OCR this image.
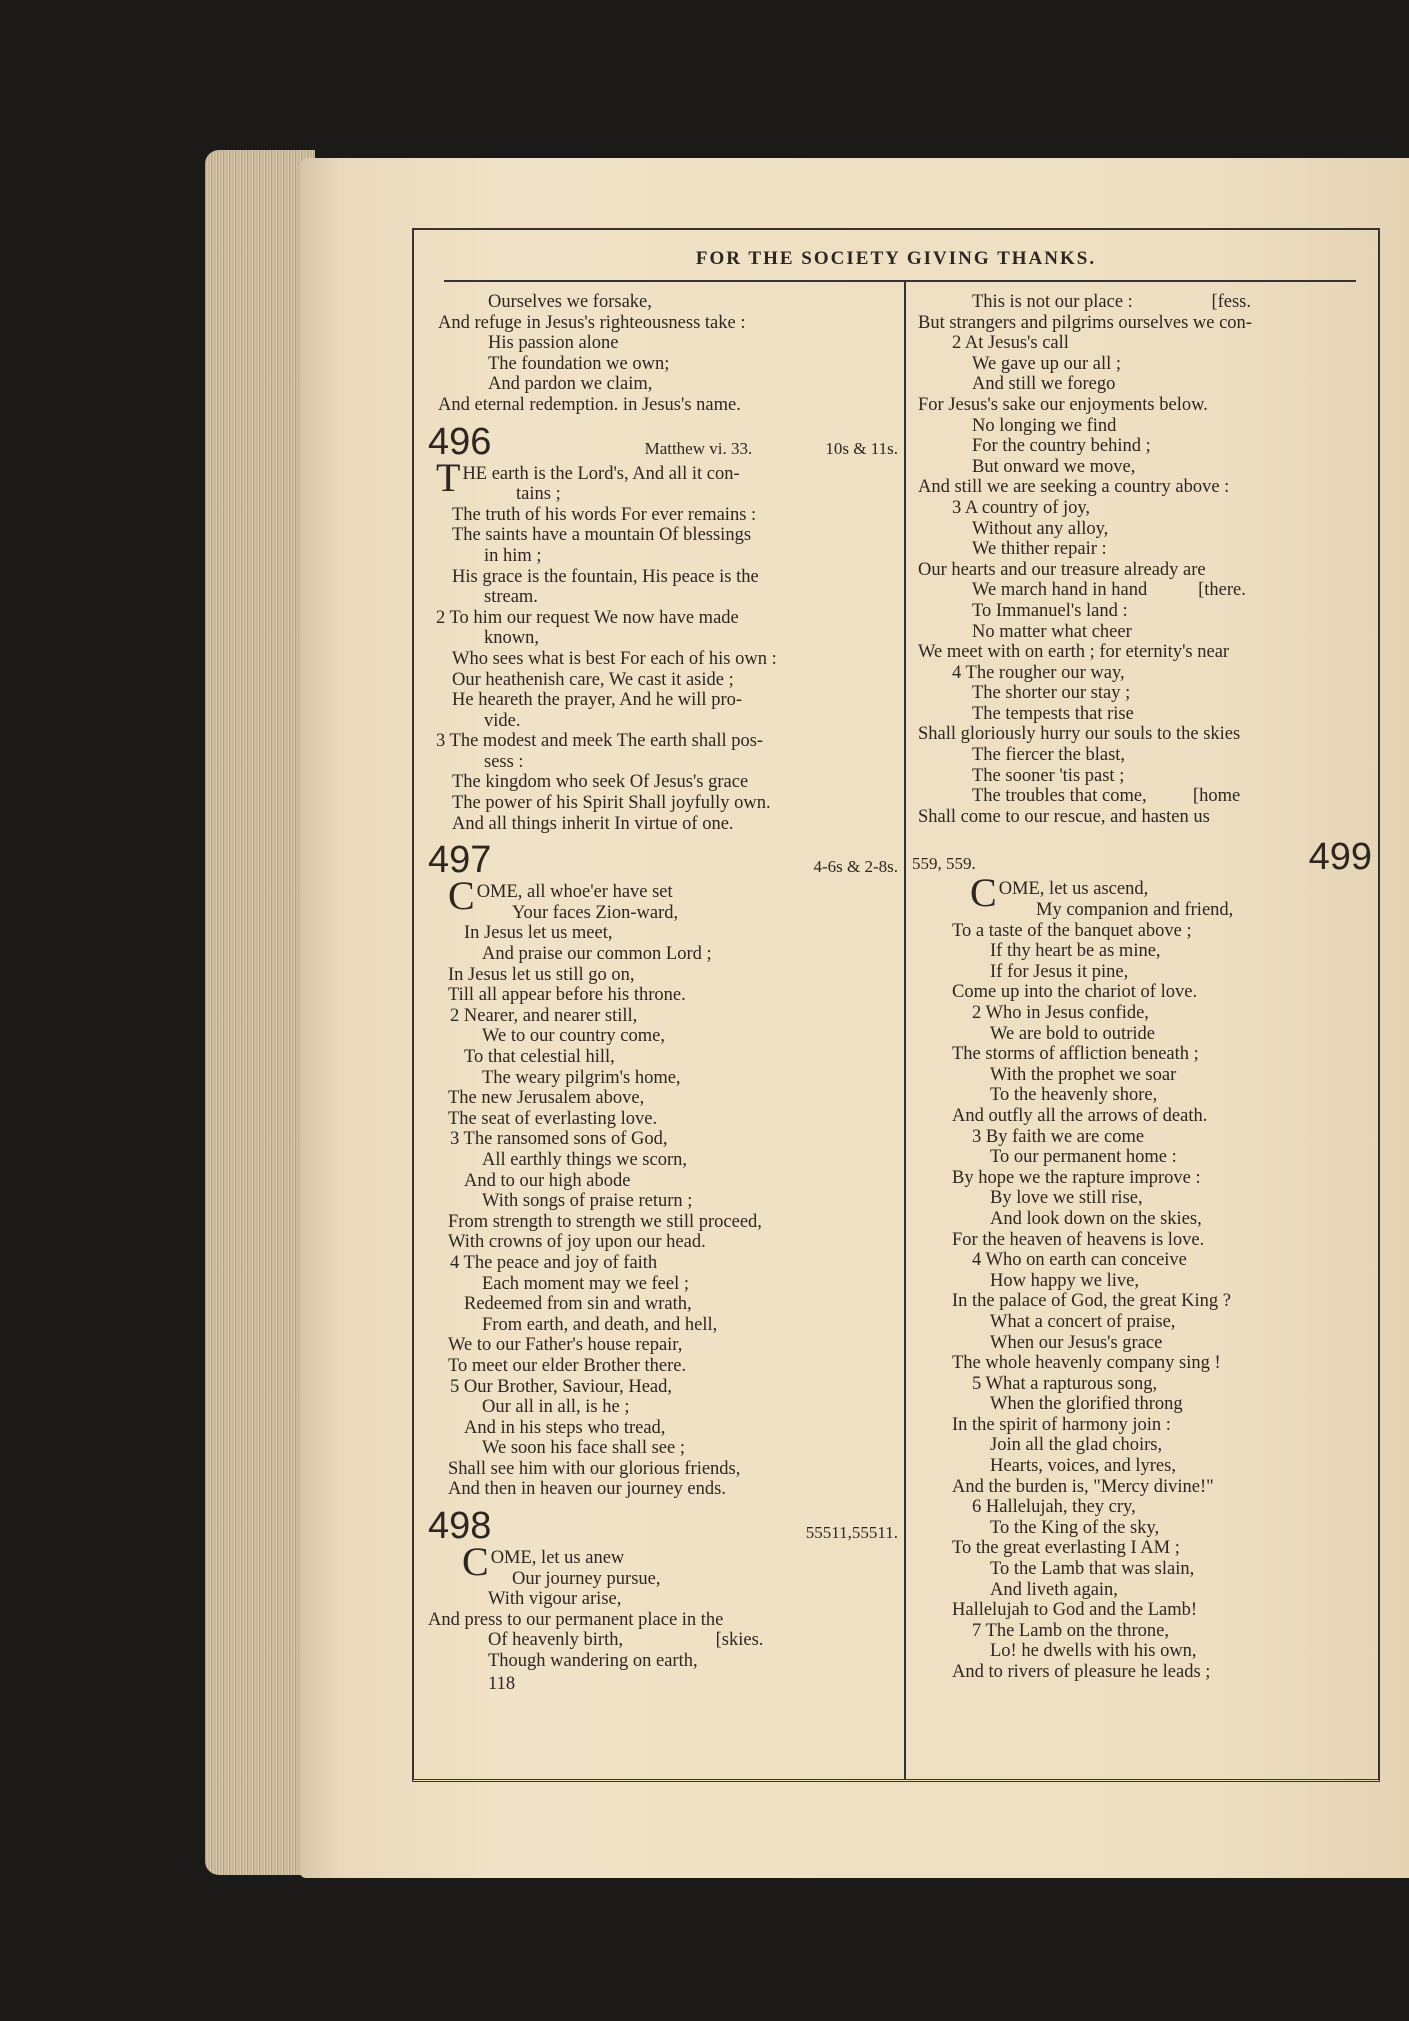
FOR THE SOCIETY GIVING THANKS.
Ourselves we forsake,
And refuge in Jesus's righteousness take :
His passion alone
The foundation we own;
And pardon we claim,
And eternal redemption. in Jesus's name.
496	Matthew vi. 33.	10s & 11s.
THE earth is the Lord's, And all it con-
tains ;
The truth of his words For ever remains :
The saints have a mountain Of blessings
in him ;
His grace is the fountain, His peace is the
stream.
2 To him our request We now have made
known,
Who sees what is best For each of his own :
Our heathenish care, We cast it aside ;
He heareth the prayer, And he will pro-
vide.
3 The modest and meek The earth shall pos-
sess :
The kingdom who seek Of Jesus's grace
The power of his Spirit Shall joyfully own.
And all things inherit In virtue of one.
497	4-6s & 2-8s.
COME, all whoe'er have set
Your faces Zion-ward,
In Jesus let us meet,
And praise our common Lord ;
In Jesus let us still go on,
Till all appear before his throne.
2 Nearer, and nearer still,
We to our country come,
To that celestial hill,
The weary pilgrim's home,
The new Jerusalem above,
The seat of everlasting love.
3 The ransomed sons of God,
All earthly things we scorn,
And to our high abode
With songs of praise return ;
From strength to strength we still proceed,
With crowns of joy upon our head.
4 The peace and joy of faith
Each moment may we feel ;
Redeemed from sin and wrath,
From earth, and death, and hell,
We to our Father's house repair,
To meet our elder Brother there.
5 Our Brother, Saviour, Head,
Our all in all, is he ;
And in his steps who tread,
We soon his face shall see ;
Shall see him with our glorious friends,
And then in heaven our journey ends.
498	55511,55511.
COME, let us anew
Our journey pursue,
With vigour arise,
And press to our permanent place in the
Of heavenly birth,                    [skies.
Though wandering on earth,
118
This is not our place :                 [fess.
But strangers and pilgrims ourselves we con-
2 At Jesus's call
We gave up our all ;
And still we forego
For Jesus's sake our enjoyments below.
No longing we find
For the country behind ;
But onward we move,
And still we are seeking a country above :
3 A country of joy,
Without any alloy,
We thither repair :
Our hearts and our treasure already are
We march hand in hand           [there.
To Immanuel's land :
No matter what cheer
We meet with on earth ; for eternity's near
4 The rougher our way,
The shorter our stay ;
The tempests that rise
Shall gloriously hurry our souls to the skies
The fiercer the blast,
The sooner 'tis past ;
The troubles that come,          [home
Shall come to our rescue, and hasten us
559, 559.	499
COME, let us ascend,
My companion and friend,
To a taste of the banquet above ;
If thy heart be as mine,
If for Jesus it pine,
Come up into the chariot of love.
2 Who in Jesus confide,
We are bold to outride
The storms of affliction beneath ;
With the prophet we soar
To the heavenly shore,
And outfly all the arrows of death.
3 By faith we are come
To our permanent home :
By hope we the rapture improve :
By love we still rise,
And look down on the skies,
For the heaven of heavens is love.
4 Who on earth can conceive
How happy we live,
In the palace of God, the great King ?
What a concert of praise,
When our Jesus's grace
The whole heavenly company sing !
5 What a rapturous song,
When the glorified throng
In the spirit of harmony join :
Join all the glad choirs,
Hearts, voices, and lyres,
And the burden is, "Mercy divine!"
6 Hallelujah, they cry,
To the King of the sky,
To the great everlasting I AM ;
To the Lamb that was slain,
And liveth again,
Hallelujah to God and the Lamb!
7 The Lamb on the throne,
Lo! he dwells with his own,
And to rivers of pleasure he leads ;
